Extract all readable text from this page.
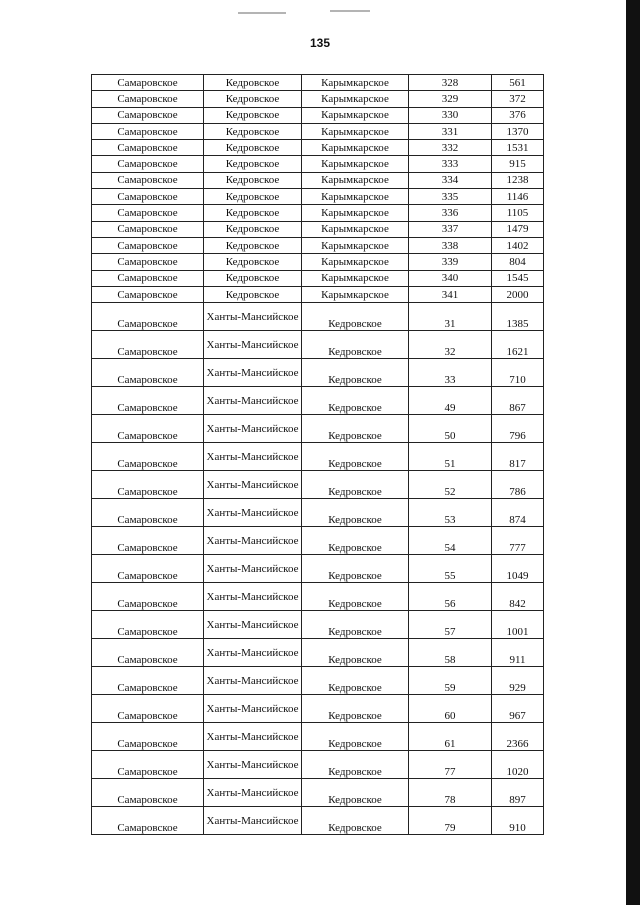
135
Самаровское	Кедровское	Карымкарское	328	561
Самаровское	Кедровское	Карымкарское	329	372
Самаровское	Кедровское	Карымкарское	330	376
Самаровское	Кедровское	Карымкарское	331	1370
Самаровское	Кедровское	Карымкарское	332	1531
Самаровское	Кедровское	Карымкарское	333	915
Самаровское	Кедровское	Карымкарское	334	1238
Самаровское	Кедровское	Карымкарское	335	1146
Самаровское	Кедровское	Карымкарское	336	1105
Самаровское	Кедровское	Карымкарское	337	1479
Самаровское	Кедровское	Карымкарское	338	1402
Самаровское	Кедровское	Карымкарское	339	804
Самаровское	Кедровское	Карымкарское	340	1545
Самаровское	Кедровское	Карымкарское	341	2000
Самаровское	Ханты-Мансийское	Кедровское	31	1385
Самаровское	Ханты-Мансийское	Кедровское	32	1621
Самаровское	Ханты-Мансийское	Кедровское	33	710
Самаровское	Ханты-Мансийское	Кедровское	49	867
Самаровское	Ханты-Мансийское	Кедровское	50	796
Самаровское	Ханты-Мансийское	Кедровское	51	817
Самаровское	Ханты-Мансийское	Кедровское	52	786
Самаровское	Ханты-Мансийское	Кедровское	53	874
Самаровское	Ханты-Мансийское	Кедровское	54	777
Самаровское	Ханты-Мансийское	Кедровское	55	1049
Самаровское	Ханты-Мансийское	Кедровское	56	842
Самаровское	Ханты-Мансийское	Кедровское	57	1001
Самаровское	Ханты-Мансийское	Кедровское	58	911
Самаровское	Ханты-Мансийское	Кедровское	59	929
Самаровское	Ханты-Мансийское	Кедровское	60	967
Самаровское	Ханты-Мансийское	Кедровское	61	2366
Самаровское	Ханты-Мансийское	Кедровское	77	1020
Самаровское	Ханты-Мансийское	Кедровское	78	897
Самаровское	Ханты-Мансийское	Кедровское	79	910
